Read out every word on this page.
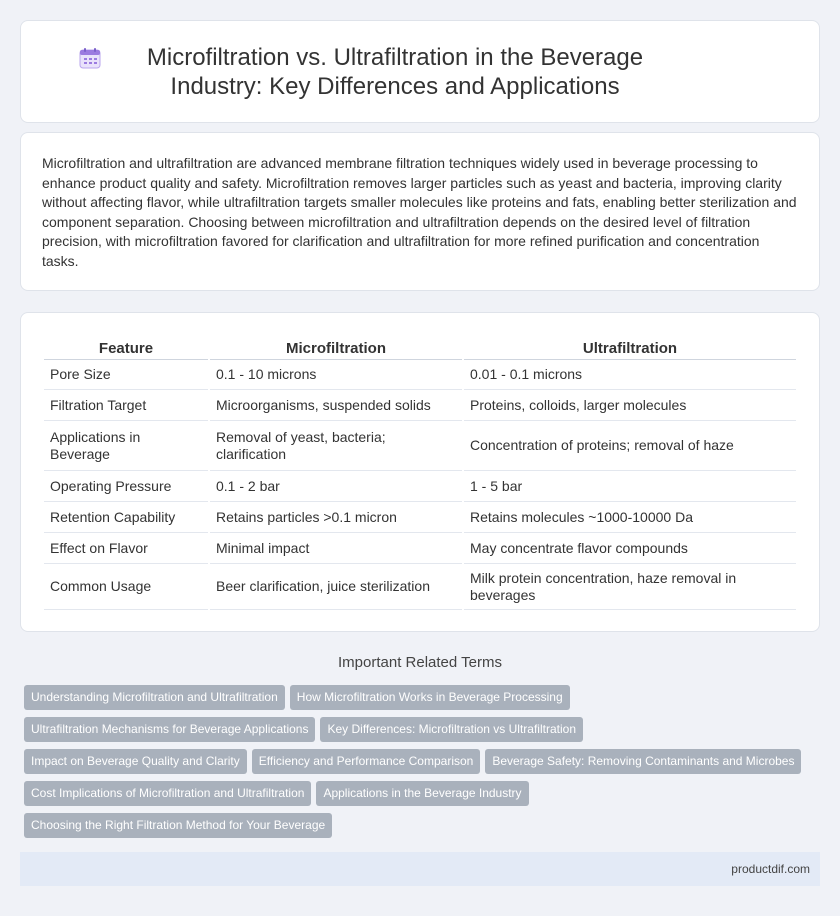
Microfiltration vs. Ultrafiltration in the Beverage Industry: Key Differences and Applications

Microfiltration and ultrafiltration are advanced membrane filtration techniques widely used in beverage processing to enhance product quality and safety. Microfiltration removes larger particles such as yeast and bacteria, improving clarity without affecting flavor, while ultrafiltration targets smaller molecules like proteins and fats, enabling better sterilization and component separation. Choosing between microfiltration and ultrafiltration depends on the desired level of filtration precision, with microfiltration favored for clarification and ultrafiltration for more refined purification and concentration tasks.

Feature	Microfiltration	Ultrafiltration
Pore Size	0.1 - 10 microns	0.01 - 0.1 microns
Filtration Target	Microorganisms, suspended solids	Proteins, colloids, larger molecules
Applications in Beverage	Removal of yeast, bacteria; clarification	Concentration of proteins; removal of haze
Operating Pressure	0.1 - 2 bar	1 - 5 bar
Retention Capability	Retains particles >0.1 micron	Retains molecules ~1000-10000 Da
Effect on Flavor	Minimal impact	May concentrate flavor compounds
Common Usage	Beer clarification, juice sterilization	Milk protein concentration, haze removal in beverages
Important Related Terms
Understanding Microfiltration and Ultrafiltration How Microfiltration Works in Beverage Processing
Ultrafiltration Mechanisms for Beverage Applications Key Differences: Microfiltration vs Ultrafiltration
Impact on Beverage Quality and Clarity Efficiency and Performance Comparison Beverage Safety: Removing Contaminants and Microbes
Cost Implications of Microfiltration and Ultrafiltration Applications in the Beverage Industry
Choosing the Right Filtration Method for Your Beverage
productdif.com
